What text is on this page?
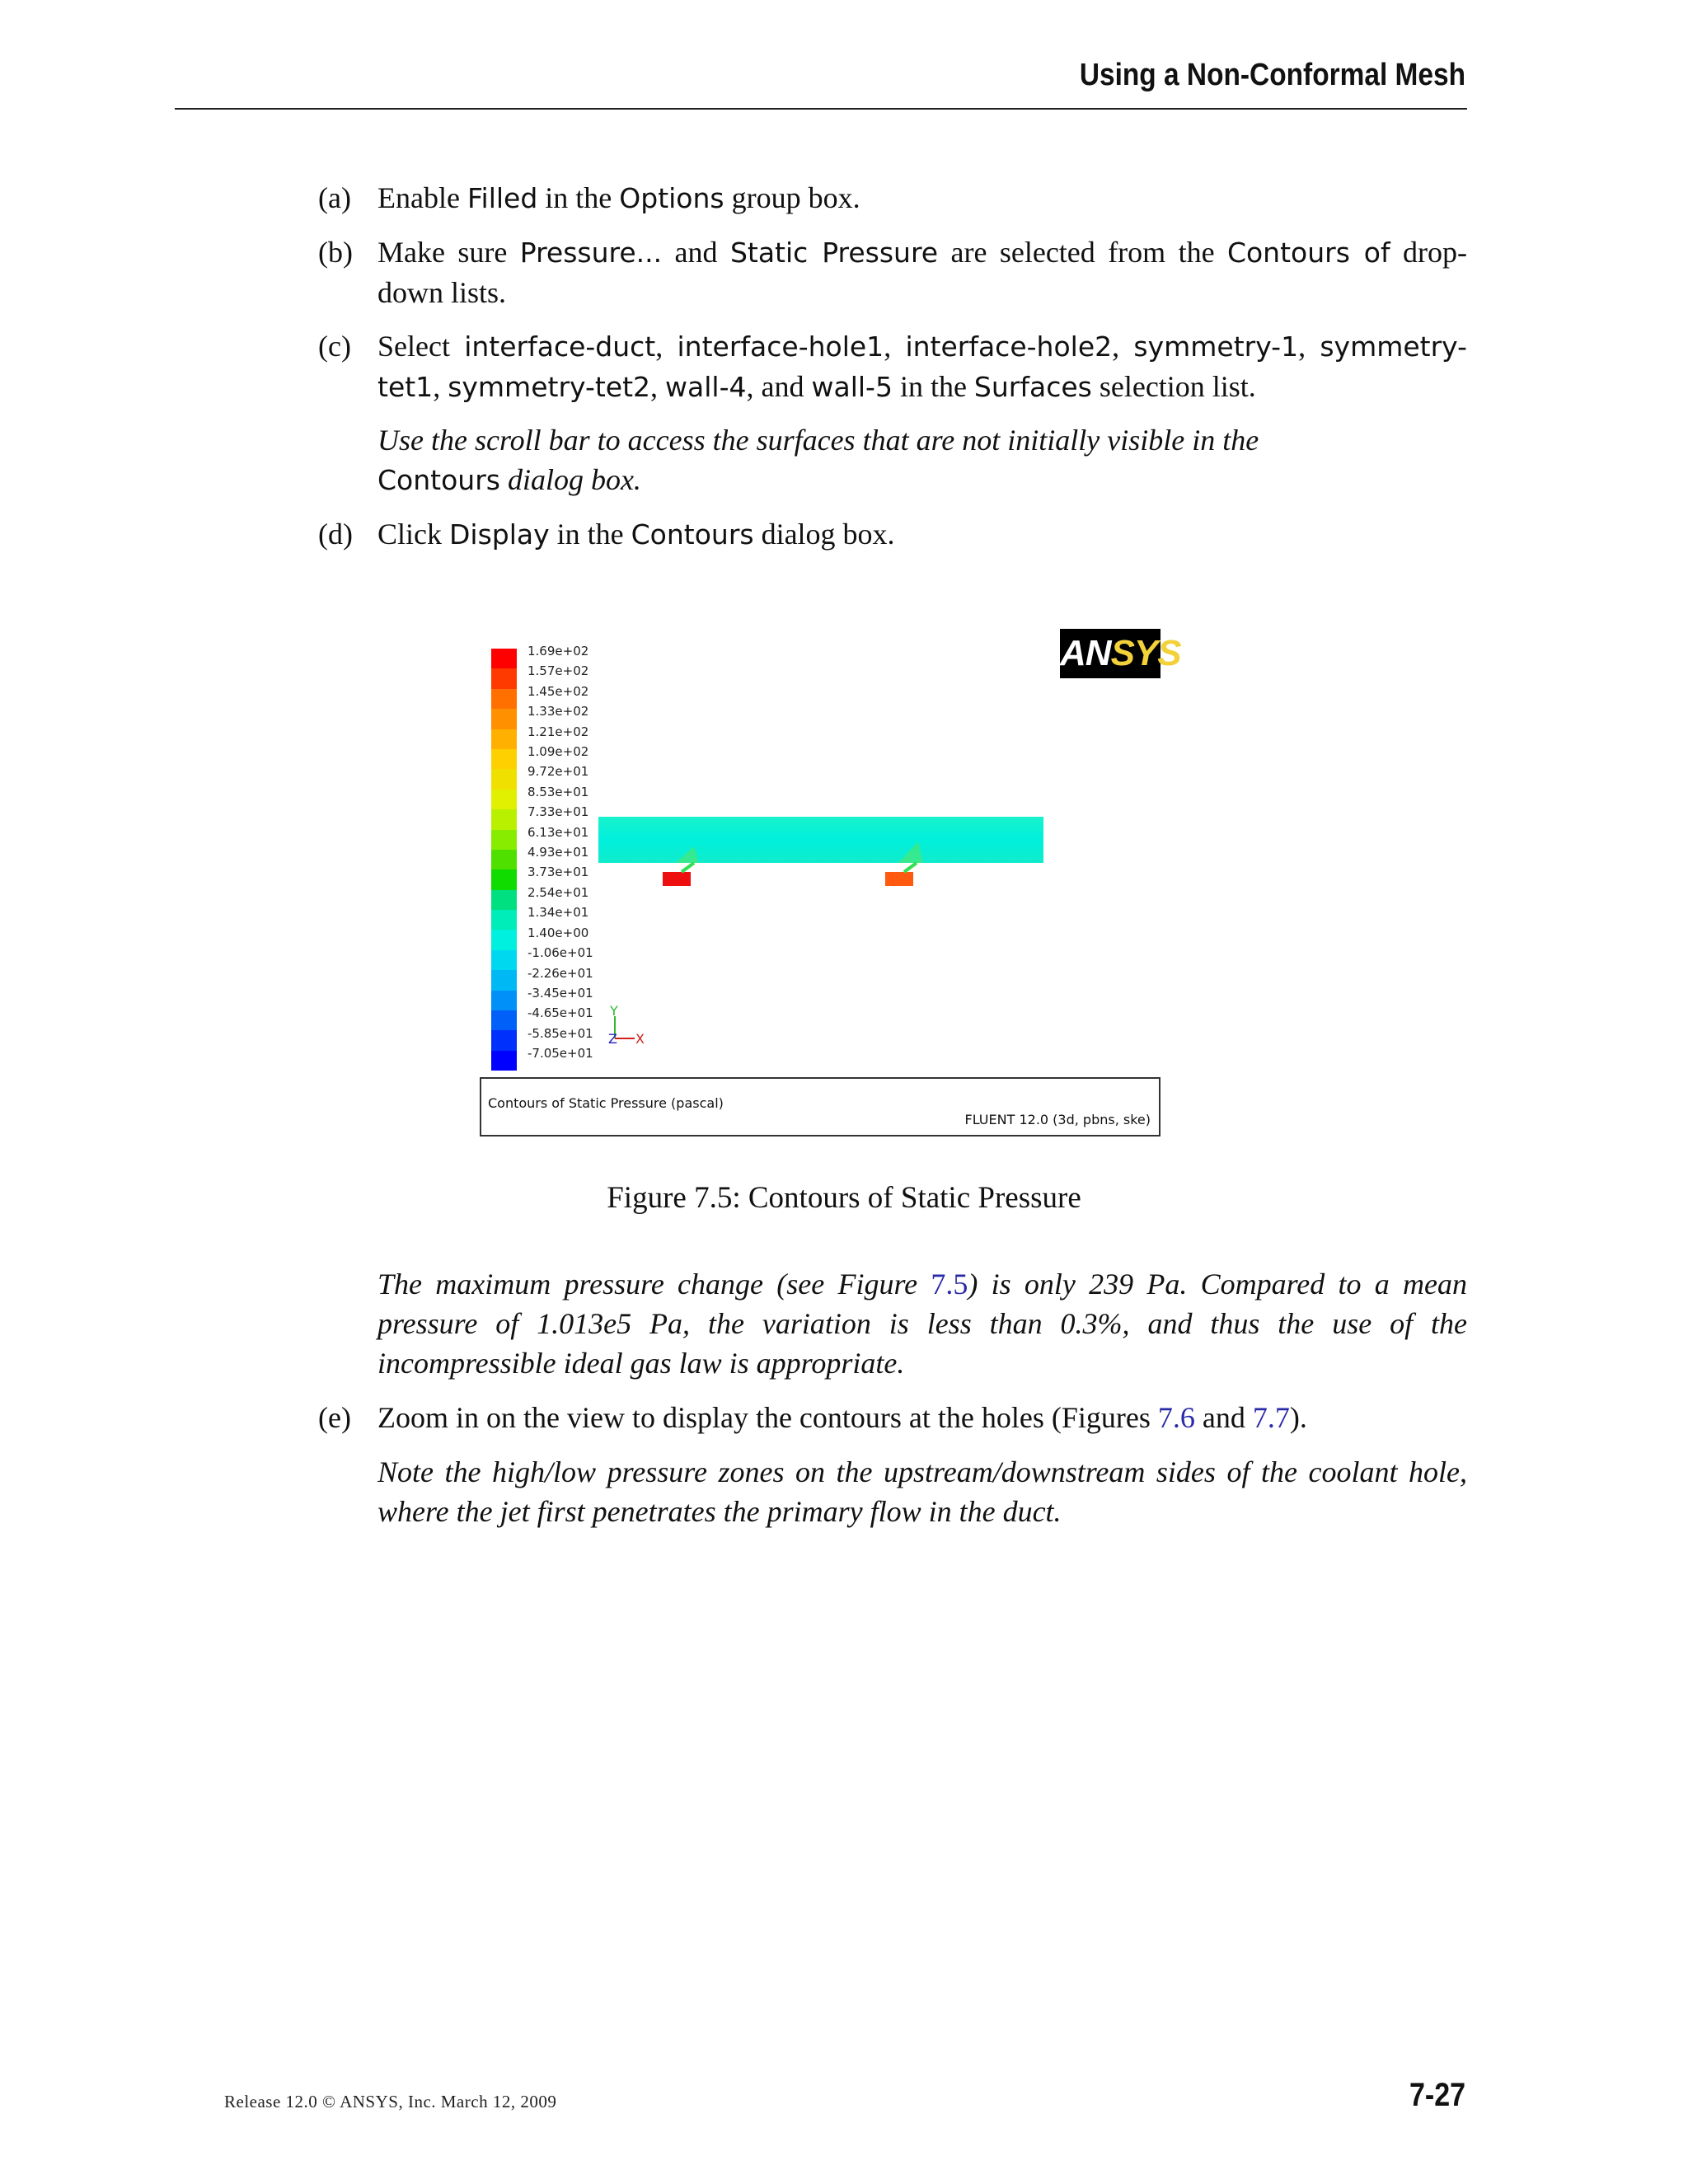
Using a Non-Conformal Mesh
(a) Enable Filled in the Options group box.
(b) Make sure Pressure... and Static Pressure are selected from the Contours of drop-down lists.
(c) Select interface-duct, interface-hole1, interface-hole2, symmetry-1, symmetry-tet1, symmetry-tet2, wall-4, and wall-5 in the Surfaces selection list.
Use the scroll bar to access the surfaces that are not initially visible in the
Contours dialog box.
(d) Click Display in the Contours dialog box.
1.69e+02
1.57e+02
1.45e+02
1.33e+02
1.21e+02
1.09e+02
9.72e+01
8.53e+01
7.33e+01
6.13e+01
4.93e+01
3.73e+01
2.54e+01
1.34e+01
1.40e+00
-1.06e+01
-2.26e+01
-3.45e+01
-4.65e+01
-5.85e+01
-7.05e+01
ANSYS
Y
Z X
Contours of Static Pressure (pascal)
FLUENT 12.0 (3d, pbns, ske)
Figure 7.5: Contours of Static Pressure
The maximum pressure change (see Figure 7.5) is only 239 Pa. Compared to a mean pressure of 1.013e5 Pa, the variation is less than 0.3%, and thus the use of the incompressible ideal gas law is appropriate.
(e) Zoom in on the view to display the contours at the holes (Figures 7.6 and 7.7).
Note the high/low pressure zones on the upstream/downstream sides of the coolant hole, where the jet first penetrates the primary flow in the duct.
Release 12.0 © ANSYS, Inc. March 12, 2009	7-27
